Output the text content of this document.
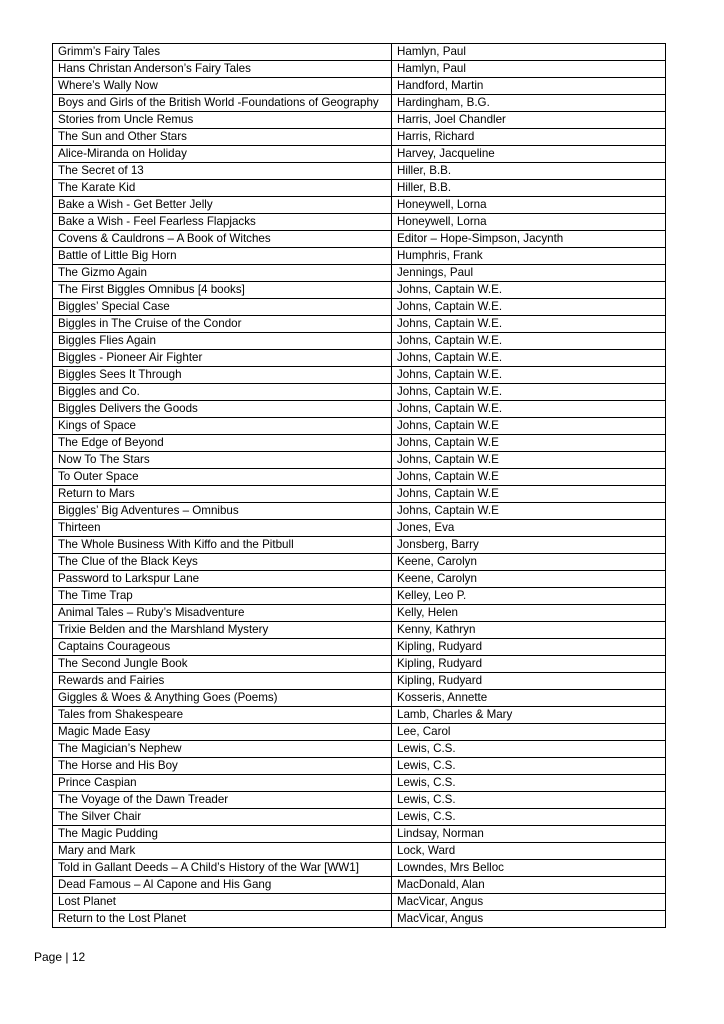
Grimm’s Fairy Tales	Hamlyn, Paul
Hans Christan Anderson’s Fairy Tales	Hamlyn, Paul
Where’s Wally Now	Handford, Martin
Boys and Girls of the British World -Foundations of Geography	Hardingham, B.G.
Stories from Uncle Remus	Harris, Joel Chandler
The Sun and Other Stars	Harris, Richard
Alice-Miranda on Holiday	Harvey, Jacqueline
The Secret of 13	Hiller, B.B.
The Karate Kid	Hiller, B.B.
Bake a Wish - Get Better Jelly	Honeywell, Lorna
Bake a Wish - Feel Fearless Flapjacks	Honeywell, Lorna
Covens & Cauldrons – A Book of Witches	Editor – Hope-Simpson, Jacynth
Battle of Little Big Horn	Humphris, Frank
The Gizmo Again	Jennings, Paul
The First Biggles Omnibus [4 books]	Johns, Captain W.E.
Biggles’ Special Case	Johns, Captain W.E.
Biggles in The Cruise of the Condor	Johns, Captain W.E.
Biggles Flies Again	Johns, Captain W.E.
Biggles - Pioneer Air Fighter	Johns, Captain W.E.
Biggles Sees It Through	Johns, Captain W.E.
Biggles and Co.	Johns, Captain W.E.
Biggles Delivers the Goods	Johns, Captain W.E.
Kings of Space	Johns, Captain W.E
The Edge of Beyond	Johns, Captain W.E
Now To The Stars	Johns, Captain W.E
To Outer Space	Johns, Captain W.E
Return to Mars	Johns, Captain W.E
Biggles’ Big Adventures – Omnibus	Johns, Captain W.E
Thirteen	Jones, Eva
The Whole Business With Kiffo and the Pitbull	Jonsberg, Barry
The Clue of the Black Keys	Keene, Carolyn
Password to Larkspur Lane	Keene, Carolyn
The Time Trap	Kelley, Leo P.
Animal Tales – Ruby’s Misadventure	Kelly, Helen
Trixie Belden and the Marshland Mystery	Kenny, Kathryn
Captains Courageous	Kipling, Rudyard
The Second Jungle Book	Kipling, Rudyard
Rewards and Fairies	Kipling, Rudyard
Giggles & Woes & Anything Goes (Poems)	Kosseris, Annette
Tales from Shakespeare	Lamb, Charles & Mary
Magic Made Easy	Lee, Carol
The Magician’s Nephew	Lewis, C.S.
The Horse and His Boy	Lewis, C.S.
Prince Caspian	Lewis, C.S.
The Voyage of the Dawn Treader	Lewis, C.S.
The Silver Chair	Lewis, C.S.
The Magic Pudding	Lindsay, Norman
Mary and Mark	Lock, Ward
Told in Gallant Deeds – A Child’s History of the War [WW1]	Lowndes, Mrs Belloc
Dead Famous – Al Capone and His Gang	MacDonald, Alan
Lost Planet	MacVicar, Angus
Return to the Lost Planet	MacVicar, Angus
Page | 12
